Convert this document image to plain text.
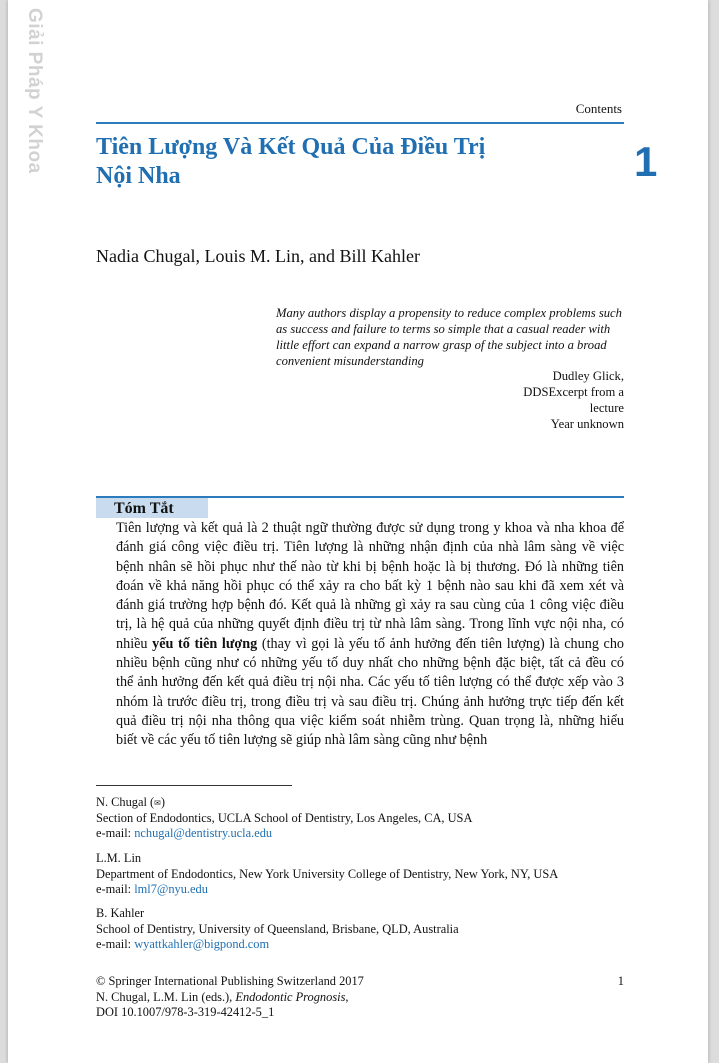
Giải Pháp Y Khoa	Contents
Tiên Lượng Và Kết Quả Của Điều Trị Nội Nha	1
Nadia Chugal, Louis M. Lin, and Bill Kahler
Many authors display a propensity to reduce complex problems such as success and failure to terms so simple that a casual reader with little effort can expand a narrow grasp of the subject into a broad convenient misunderstanding
Dudley Glick,
DDSExcerpt from a
lecture
Year unknown
Tóm Tắt
Tiên lượng và kết quả là 2 thuật ngữ thường được sử dụng trong y khoa và nha khoa để đánh giá công việc điều trị. Tiên lượng là những nhận định của nhà lâm sàng về việc bệnh nhân sẽ hồi phục như thế nào từ khi bị bệnh hoặc là bị thương. Đó là những tiên đoán về khả năng hồi phục có thể xảy ra cho bất kỳ 1 bệnh nào sau khi đã xem xét và đánh giá trường hợp bệnh đó. Kết quả là những gì xảy ra sau cùng của 1 công việc điều trị, là hệ quả của những quyết định điều trị từ nhà lâm sàng. Trong lĩnh vực nội nha, có nhiều yếu tố tiên lượng (thay vì gọi là yếu tố ảnh hưởng đến tiên lượng) là chung cho nhiều bệnh cũng như có những yếu tố duy nhất cho những bệnh đặc biệt, tất cả đều có thể ảnh hưởng đến kết quả điều trị nội nha. Các yếu tố tiên lượng có thể được xếp vào 3 nhóm là trước điều trị, trong điều trị và sau điều trị. Chúng ảnh hưởng trực tiếp đến kết quả điều trị nội nha thông qua việc kiểm soát nhiễm trùng. Quan trọng là, những hiểu biết về các yếu tố tiên lượng sẽ giúp nhà lâm sàng cũng như bệnh
N. Chugal (✉)
Section of Endodontics, UCLA School of Dentistry, Los Angeles, CA, USA
e-mail: nchugal@dentistry.ucla.edu
L.M. Lin
Department of Endodontics, New York University College of Dentistry, New York, NY, USA
e-mail: lml7@nyu.edu
B. Kahler
School of Dentistry, University of Queensland, Brisbane, QLD, Australia
e-mail: wyattkahler@bigpond.com
© Springer International Publishing Switzerland 2017
N. Chugal, L.M. Lin (eds.), Endodontic Prognosis,
DOI 10.1007/978-3-319-42412-5_1
1
